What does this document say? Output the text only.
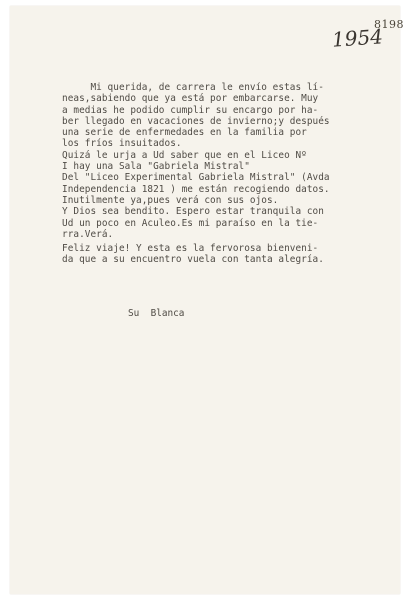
8198
1954

Mi querida, de carrera le envío estas lí-

neas,sabiendo que ya está por embarcarse. Muy

a medias he podido cumplir su encargo por ha-

ber llegado en vacaciones de invierno;y después

una serie de enfermedades en la familia por

los fríos insuitados.

Quizá le urja a Ud saber que en el Liceo Nº

I hay una Sala "Gabriela Mistral"

Del "Liceo Experimental Gabriela Mistral" (Avda

Independencia 1821 ) me están recogiendo datos.

Inutilmente ya,pues verá con sus ojos.

Y Dios sea bendito. Espero estar tranquila con

Ud un poco en Aculeo.Es mi paraíso en la tie-

rra.Verá.

Feliz viaje! Y esta es la fervorosa bienveni-

da que a su encuentro vuela con tanta alegría.

Su  Blanca
